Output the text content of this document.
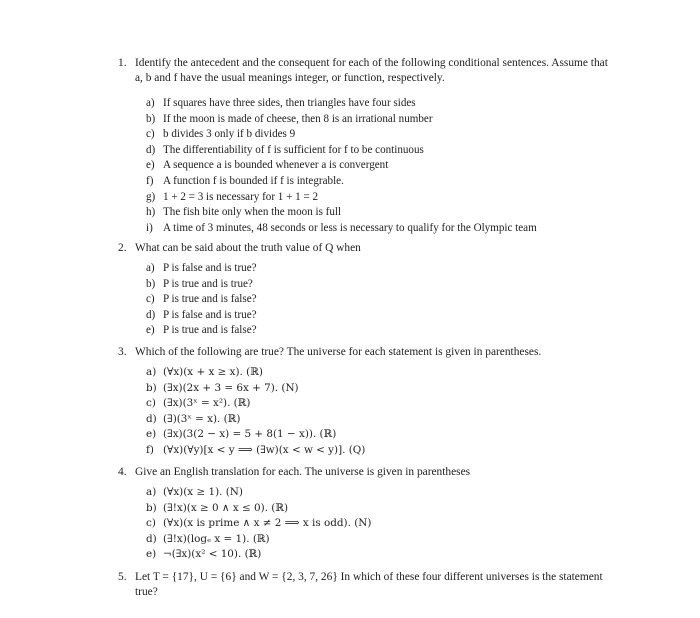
1. Identify the antecedent and the consequent for each of the following conditional sentences. Assume that a, b and f have the usual meanings integer, or function, respectively.
a) If squares have three sides, then triangles have four sides
b) If the moon is made of cheese, then 8 is an irrational number
c) b divides 3 only if b divides 9
d) The differentiability of f is sufficient for f to be continuous
e) A sequence a is bounded whenever a is convergent
f) A function f is bounded if f is integrable.
g) 1 + 2 = 3 is necessary for 1 + 1 = 2
h) The fish bite only when the moon is full
i) A time of 3 minutes, 48 seconds or less is necessary to qualify for the Olympic team
2. What can be said about the truth value of Q when
a) P is false and is true?
b) P is true and is true?
c) P is true and is false?
d) P is false and is true?
e) P is true and is false?
3. Which of the following are true? The universe for each statement is given in parentheses.
a) (∀x)(x + x ≥ x). (ℝ)
b) (∃x)(2x + 3 = 6x + 7). (N)
c) (∃x)(3ˣ = x²). (ℝ)
d) (∃)(3ˣ = x). (ℝ)
e) (∃x)(3(2 − x) = 5 + 8(1 − x)). (ℝ)
f) (∀x)(∀y)[x < y ⟹ (∃w)(x < w < y)]. (Q)
4. Give an English translation for each. The universe is given in parentheses
a) (∀x)(x ≥ 1). (N)
b) (∃!x)(x ≥ 0 ∧ x ≤ 0). (ℝ)
c) (∀x)(x is prime ∧ x ≠ 2 ⟹ x is odd). (N)
d) (∃!x)(logₑ x = 1). (ℝ)
e) ¬(∃x)(x² < 10). (ℝ)
5. Let T = {17}, U = {6} and W = {2, 3, 7, 26} In which of these four different universes is the statement true?
